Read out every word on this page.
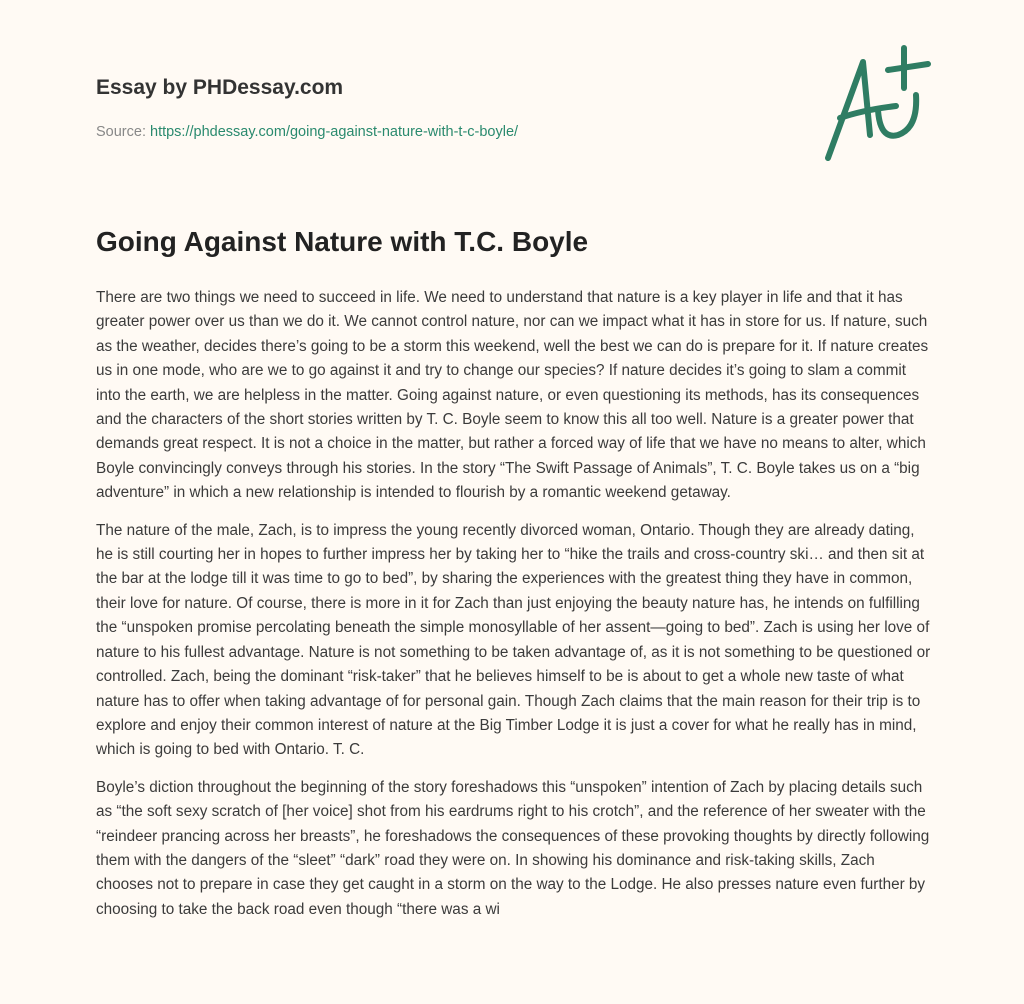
Essay by PHDessay.com
Source: https://phdessay.com/going-against-nature-with-t-c-boyle/
Going Against Nature with T.C. Boyle

There are two things we need to succeed in life. We need to understand that nature is a key player in life and that it has greater power over us than we do it. We cannot control nature, nor can we impact what it has in store for us. If nature, such as the weather, decides there’s going to be a storm this weekend, well the best we can do is prepare for it. If nature creates us in one mode, who are we to go against it and try to change our species? If nature decides it’s going to slam a commit into the earth, we are helpless in the matter. Going against nature, or even questioning its methods, has its consequences and the characters of the short stories written by T. C. Boyle seem to know this all too well. Nature is a greater power that demands great respect. It is not a choice in the matter, but rather a forced way of life that we have no means to alter, which Boyle convincingly conveys through his stories. In the story “The Swift Passage of Animals”, T. C. Boyle takes us on a “big adventure” in which a new relationship is intended to flourish by a romantic weekend getaway.

The nature of the male, Zach, is to impress the young recently divorced woman, Ontario. Though they are already dating, he is still courting her in hopes to further impress her by taking her to “hike the trails and cross-country ski… and then sit at the bar at the lodge till it was time to go to bed”, by sharing the experiences with the greatest thing they have in common, their love for nature. Of course, there is more in it for Zach than just enjoying the beauty nature has, he intends on fulfilling the “unspoken promise percolating beneath the simple monosyllable of her assent—going to bed”. Zach is using her love of nature to his fullest advantage. Nature is not something to be taken advantage of, as it is not something to be questioned or controlled. Zach, being the dominant “risk-taker” that he believes himself to be is about to get a whole new taste of what nature has to offer when taking advantage of for personal gain. Though Zach claims that the main reason for their trip is to explore and enjoy their common interest of nature at the Big Timber Lodge it is just a cover for what he really has in mind, which is going to bed with Ontario. T. C.

Boyle’s diction throughout the beginning of the story foreshadows this “unspoken” intention of Zach by placing details such as “the soft sexy scratch of [her voice] shot from his eardrums right to his crotch”, and the reference of her sweater with the “reindeer prancing across her breasts”, he foreshadows the consequences of these provoking thoughts by directly following them with the dangers of the “sleet” “dark” road they were on. In showing his dominance and risk-taking skills, Zach chooses not to prepare in case they get caught in a storm on the way to the Lodge. He also presses nature even further by choosing to take the back road even though “there was a wi
